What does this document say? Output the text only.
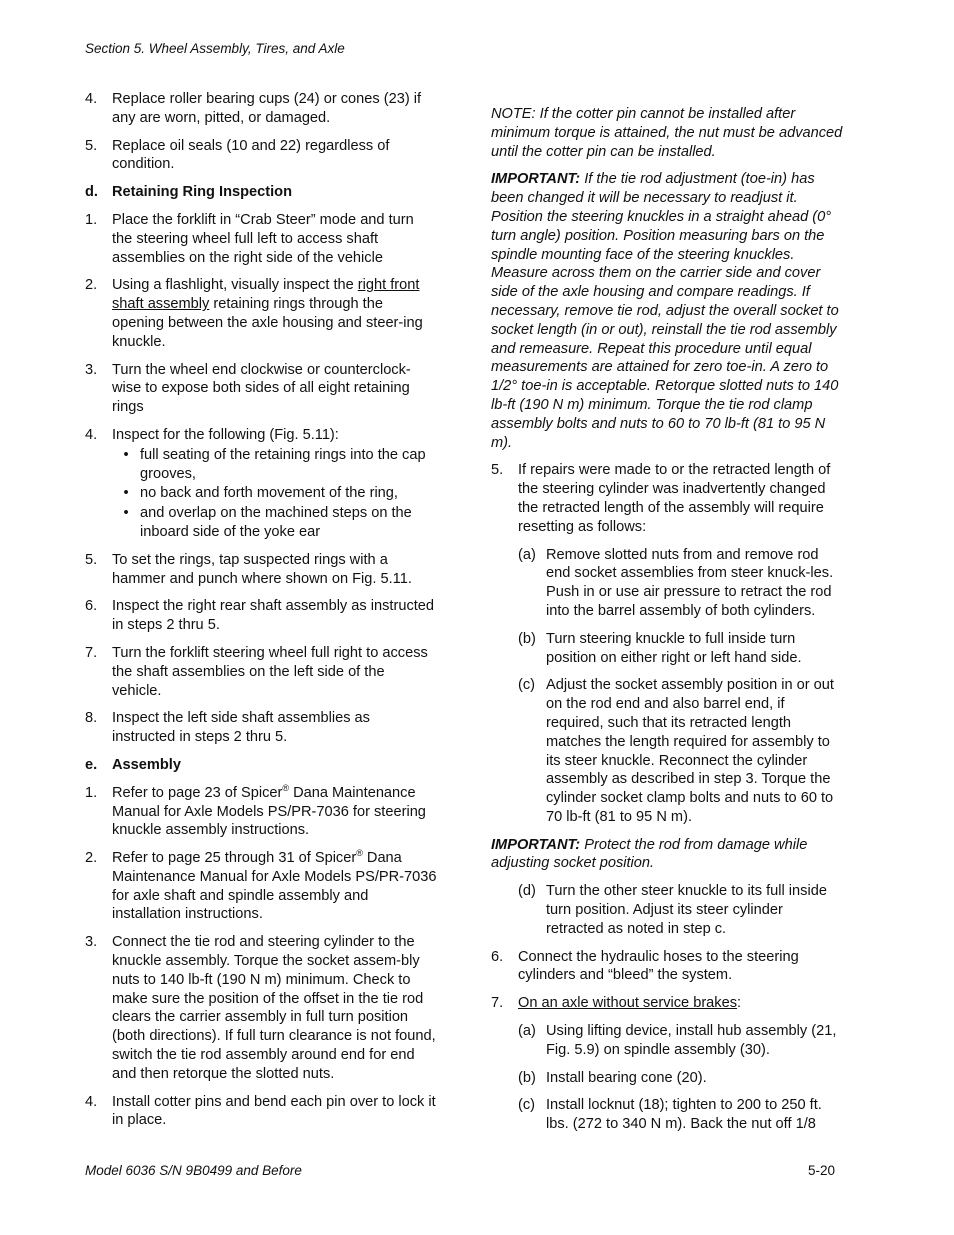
Section 5. Wheel Assembly, Tires, and Axle
4.	Replace roller bearing cups (24) or cones (23) if any are worn, pitted, or damaged.
5.	Replace oil seals (10 and 22) regardless of condition.
d. Retaining Ring Inspection
1.	Place the forklift in “Crab Steer” mode and turn the steering wheel full left to access shaft assemblies on the right side of the vehicle
2.	Using a flashlight, visually inspect the right front shaft assembly retaining rings through the opening between the axle housing and steer-ing knuckle.
3.	Turn the wheel end clockwise or counterclock-wise to expose both sides of all eight retaining rings
4.	Inspect for the following (Fig. 5.11):
• full seating of the retaining rings into the cap grooves,
• no back and forth movement of the ring,
• and overlap on the machined steps on the inboard side of the yoke ear
5.	To set the rings, tap suspected rings with a hammer and punch where shown on Fig. 5.11.
6.	Inspect the right rear shaft assembly as instructed in steps 2 thru 5.
7.	Turn the forklift steering wheel full right to access the shaft assemblies on the left side of the vehicle.
8.	Inspect the left side shaft assemblies as instructed in steps 2 thru 5.
e.	Assembly
1.	Refer to page 23 of Spicer® Dana Maintenance Manual for Axle Models PS/PR-7036 for steering knuckle assembly instructions.
2.	Refer to page 25 through 31 of Spicer® Dana Maintenance Manual for Axle Models PS/PR-7036 for axle shaft and spindle assembly and installation instructions.
3.	Connect the tie rod and steering cylinder to the knuckle assembly. Torque the socket assem-bly nuts to 140 lb-ft (190 N m) minimum. Check to make sure the position of the offset in the tie rod clears the carrier assembly in full turn position (both directions). If full turn clearance is not found, switch the tie rod assembly around end for end and then retorque the slotted nuts.
4.	Install cotter pins and bend each pin over to lock it in place.
NOTE: If the cotter pin cannot be installed after minimum torque is attained, the nut must be advanced until the cotter pin can be installed.
IMPORTANT: If the tie rod adjustment (toe-in) has been changed it will be necessary to readjust it. Position the steering knuckles in a straight ahead (0° turn angle) position. Position measuring bars on the spindle mounting face of the steering knuckles. Measure across them on the carrier side and cover side of the axle housing and compare readings. If necessary, remove tie rod, adjust the overall socket to socket length (in or out), reinstall the tie rod assembly and remeasure. Repeat this procedure until equal measurements are attained for zero toe-in. A zero to 1/2° toe-in is acceptable. Retorque slotted nuts to 140 lb-ft (190 N m) minimum. Torque the tie rod clamp assembly bolts and nuts to 60 to 70 lb-ft (81 to 95 N m).
5.	If repairs were made to or the retracted length of the steering cylinder was inadvertently changed the retracted length of the assembly will require resetting as follows:
(a) Remove slotted nuts from and remove rod end socket assemblies from steer knuck-les. Push in or use air pressure to retract the rod into the barrel assembly of both cylinders.
(b) Turn steering knuckle to full inside turn position on either right or left hand side.
(c) Adjust the socket assembly position in or out on the rod end and also barrel end, if required, such that its retracted length matches the length required for assembly to its steer knuckle. Reconnect the cylinder assembly as described in step 3. Torque the cylinder socket clamp bolts and nuts to 60 to 70 lb-ft (81 to 95 N m).
IMPORTANT: Protect the rod from damage while adjusting socket position.
(d) Turn the other steer knuckle to its full inside turn position. Adjust its steer cylinder retracted as noted in step c.
6.	Connect the hydraulic hoses to the steering cylinders and “bleed” the system.
7.	On an axle without service brakes:
(a) Using lifting device, install hub assembly (21, Fig. 5.9) on spindle assembly (30).
(b) Install bearing cone (20).
(c) Install locknut (18); tighten to 200 to 250 ft. lbs. (272 to 340 N m). Back the nut off 1/8
Model 6036 S/N 9B0499 and Before	5-20
